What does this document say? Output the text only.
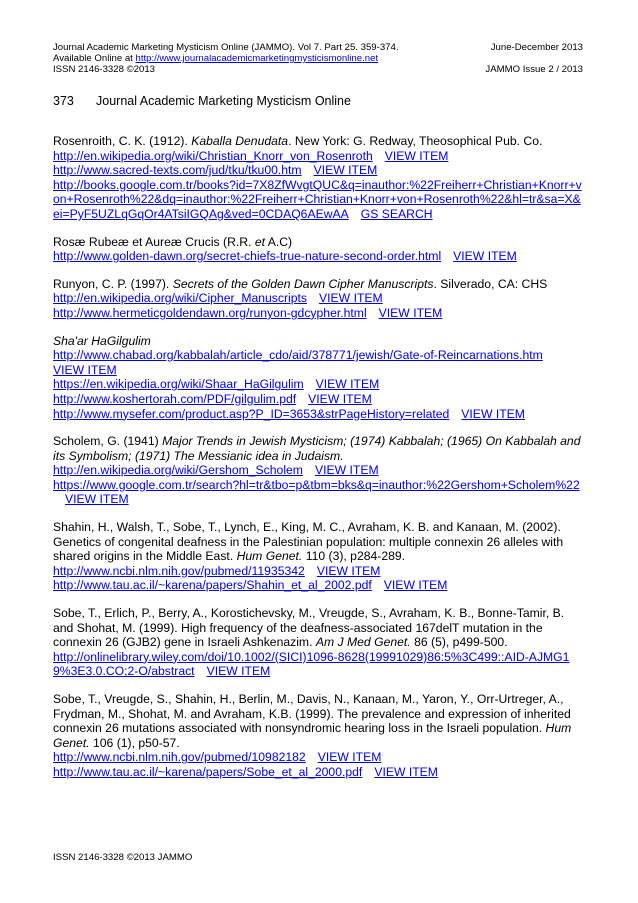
Journal Academic Marketing Mysticism Online (JAMMO). Vol 7. Part 25. 359-374.	June-December 2013
Available Online at http://www.journalacademicmarketingmysticismonline.net
ISSN 2146-3328 ©2013	JAMMO Issue 2 / 2013
373 Journal Academic Marketing Mysticism Online
Rosenroith, C. K. (1912). Kaballa Denudata. New York: G. Redway, Theosophical Pub. Co.
http://en.wikipedia.org/wiki/Christian_Knorr_von_Rosenroth VIEW ITEM
http://www.sacred-texts.com/jud/tku/tku00.htm VIEW ITEM
http://books.google.com.tr/books?id=7X8ZfWvgtQUC&q=inauthor:%22Freiherr+Christian+Knorr+von+Rosenroth%22&dq=inauthor:%22Freiherr+Christian+Knorr+von+Rosenroth%22&hl=tr&sa=X&ei=PyF5UZLqGqOr4ATsiIGQAg&ved=0CDAQ6AEwAA GS SEARCH
Rosæ Rubeæ et Aureæ Crucis (R.R. et A.C)
http://www.golden-dawn.org/secret-chiefs-true-nature-second-order.html VIEW ITEM
Runyon, C. P. (1997). Secrets of the Golden Dawn Cipher Manuscripts. Silverado, CA: CHS
http://en.wikipedia.org/wiki/Cipher_Manuscripts VIEW ITEM
http://www.hermeticgoldendawn.org/runyon-gdcypher.html VIEW ITEM
Sha'ar HaGilgulim
http://www.chabad.org/kabbalah/article_cdo/aid/378771/jewish/Gate-of-Reincarnations.htm
VIEW ITEM
https://en.wikipedia.org/wiki/Shaar_HaGilgulim VIEW ITEM
http://www.koshertorah.com/PDF/gilgulim.pdf VIEW ITEM
http://www.mysefer.com/product.asp?P_ID=3653&strPageHistory=related VIEW ITEM
Scholem, G. (1941) Major Trends in Jewish Mysticism; (1974) Kabbalah; (1965) On Kabbalah and its Symbolism; (1971) The Messianic idea in Judaism.
http://en.wikipedia.org/wiki/Gershom_Scholem VIEW ITEM
https://www.google.com.tr/search?hl=tr&tbo=p&tbm=bks&q=inauthor:%22Gershom+Scholem%22VIEW ITEM
Shahin, H., Walsh, T., Sobe, T., Lynch, E., King, M. C., Avraham, K. B. and Kanaan, M. (2002). Genetics of congenital deafness in the Palestinian population: multiple connexin 26 alleles with shared origins in the Middle East. Hum Genet. 110 (3), p284-289.
http://www.ncbi.nlm.nih.gov/pubmed/11935342 VIEW ITEM
http://www.tau.ac.il/~karena/papers/Shahin_et_al_2002.pdf VIEW ITEM
Sobe, T., Erlich, P., Berry, A., Korostichevsky, M., Vreugde, S., Avraham, K. B., Bonne-Tamir, B. and Shohat, M. (1999). High frequency of the deafness-associated 167delT mutation in the connexin 26 (GJB2) gene in Israeli Ashkenazim. Am J Med Genet. 86 (5), p499-500.
http://onlinelibrary.wiley.com/doi/10.1002/(SICI)1096-8628(19991029)86:5%3C499::AID-AJMG19%3E3.0.CO;2-O/abstract VIEW ITEM
Sobe, T., Vreugde, S., Shahin, H., Berlin, M., Davis, N., Kanaan, M., Yaron, Y., Orr-Urtreger, A., Frydman, M., Shohat, M. and Avraham, K.B. (1999). The prevalence and expression of inherited connexin 26 mutations associated with nonsyndromic hearing loss in the Israeli population. Hum Genet. 106 (1), p50-57.
http://www.ncbi.nlm.nih.gov/pubmed/10982182 VIEW ITEM
http://www.tau.ac.il/~karena/papers/Sobe_et_al_2000.pdf VIEW ITEM
ISSN 2146-3328 ©2013 JAMMO
